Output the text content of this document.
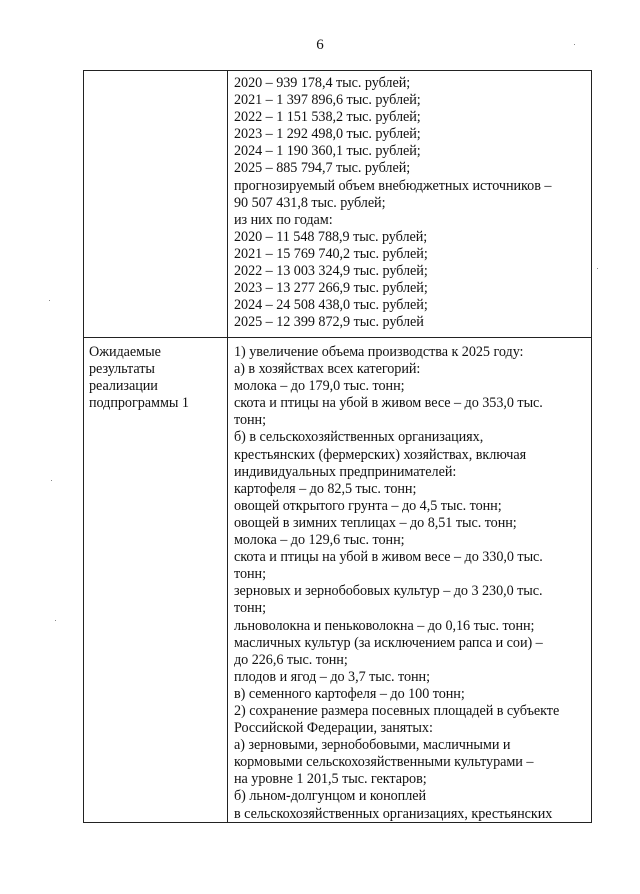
6
2020 – 939 178,4 тыс. рублей;
2021 – 1 397 896,6 тыс. рублей;
2022 – 1 151 538,2 тыс. рублей;
2023 – 1 292 498,0 тыс. рублей;
2024 – 1 190 360,1 тыс. рублей;
2025 – 885 794,7 тыс. рублей;
прогнозируемый объем внебюджетных источников –
90 507 431,8 тыс. рублей;
из них по годам:
2020 – 11 548 788,9 тыс. рублей;
2021 – 15 769 740,2 тыс. рублей;
2022 – 13 003 324,9 тыс. рублей;
2023 – 13 277 266,9 тыс. рублей;
2024 – 24 508 438,0 тыс. рублей;
2025 – 12 399 872,9 тыс. рублей
Ожидаемые
результаты
реализации
подпрограммы 1
1) увеличение объема производства к 2025 году:
а) в хозяйствах всех категорий:
молока – до 179,0 тыс. тонн;
скота и птицы на убой в живом весе – до 353,0 тыс.
тонн;
б) в сельскохозяйственных организациях,
крестьянских (фермерских) хозяйствах, включая
индивидуальных предпринимателей:
картофеля – до 82,5 тыс. тонн;
овощей открытого грунта – до 4,5 тыс. тонн;
овощей в зимних теплицах – до 8,51 тыс. тонн;
молока – до 129,6 тыс. тонн;
скота и птицы на убой в живом весе – до 330,0 тыс.
тонн;
зерновых и зернобобовых культур – до 3 230,0 тыс.
тонн;
льноволокна и пеньковолокна – до 0,16 тыс. тонн;
масличных культур (за исключением рапса и сои) –
до 226,6 тыс. тонн;
плодов и ягод – до 3,7 тыс. тонн;
в) семенного картофеля – до 100 тонн;
2) сохранение размера посевных площадей в субъекте
Российской Федерации, занятых:
а) зерновыми, зернобобовыми, масличными и
кормовыми сельскохозяйственными культурами –
на уровне 1 201,5 тыс. гектаров;
б) льном-долгунцом и коноплей
в сельскохозяйственных организациях, крестьянских
